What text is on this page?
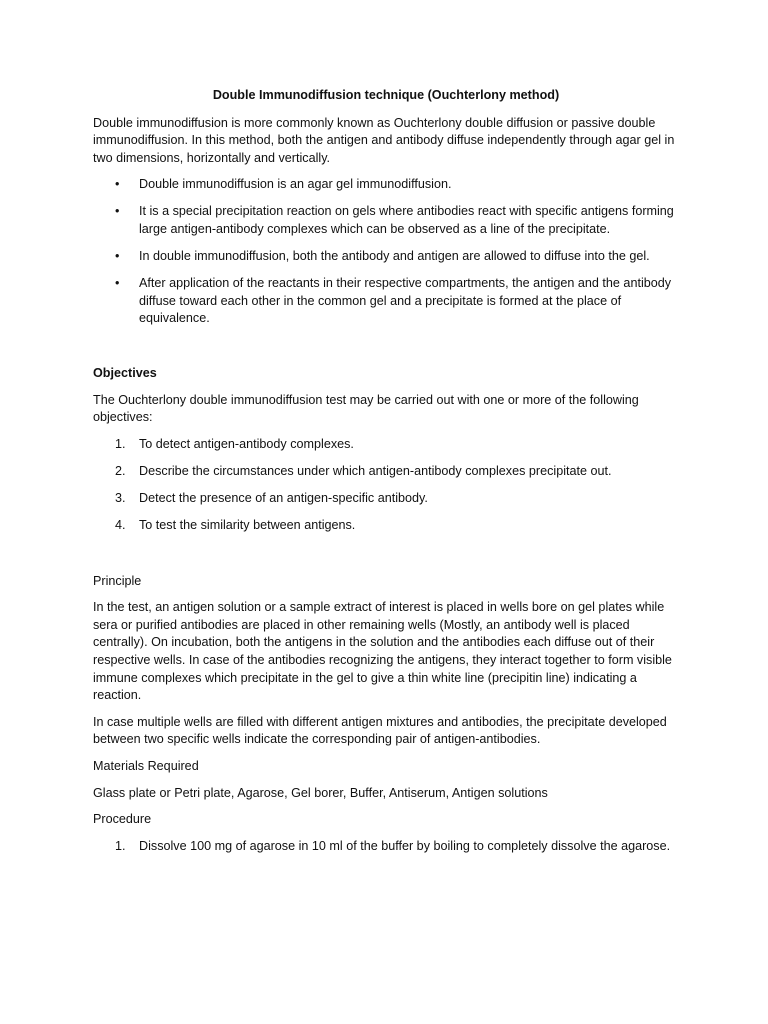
Double Immunodiffusion technique (Ouchterlony method)

Double immunodiffusion is more commonly known as Ouchterlony double diffusion or passive double immunodiffusion. In this method, both the antigen and antibody diffuse independently through agar gel in two dimensions, horizontally and vertically.

• Double immunodiffusion is an agar gel immunodiffusion.
• It is a special precipitation reaction on gels where antibodies react with specific antigens forming large antigen-antibody complexes which can be observed as a line of the precipitate.
• In double immunodiffusion, both the antibody and antigen are allowed to diffuse into the gel.
• After application of the reactants in their respective compartments, the antigen and the antibody diffuse toward each other in the common gel and a precipitate is formed at the place of equivalence.

Objectives

The Ouchterlony double immunodiffusion test may be carried out with one or more of the following objectives:

1.	To detect antigen-antibody complexes.
2.	Describe the circumstances under which antigen-antibody complexes precipitate out.
3.	Detect the presence of an antigen-specific antibody.
4.	To test the similarity between antigens.

Principle

In the test, an antigen solution or a sample extract of interest is placed in wells bore on gel plates while sera or purified antibodies are placed in other remaining wells (Mostly, an antibody well is placed centrally). On incubation, both the antigens in the solution and the antibodies each diffuse out of their respective wells. In case of the antibodies recognizing the antigens, they interact together to form visible immune complexes which precipitate in the gel to give a thin white line (precipitin line) indicating a reaction.

In case multiple wells are filled with different antigen mixtures and antibodies, the precipitate developed between two specific wells indicate the corresponding pair of antigen-antibodies.

Materials Required

Glass plate or Petri plate, Agarose, Gel borer, Buffer, Antiserum, Antigen solutions

Procedure

1.	Dissolve 100 mg of agarose in 10 ml of the buffer by boiling to completely dissolve the agarose.
